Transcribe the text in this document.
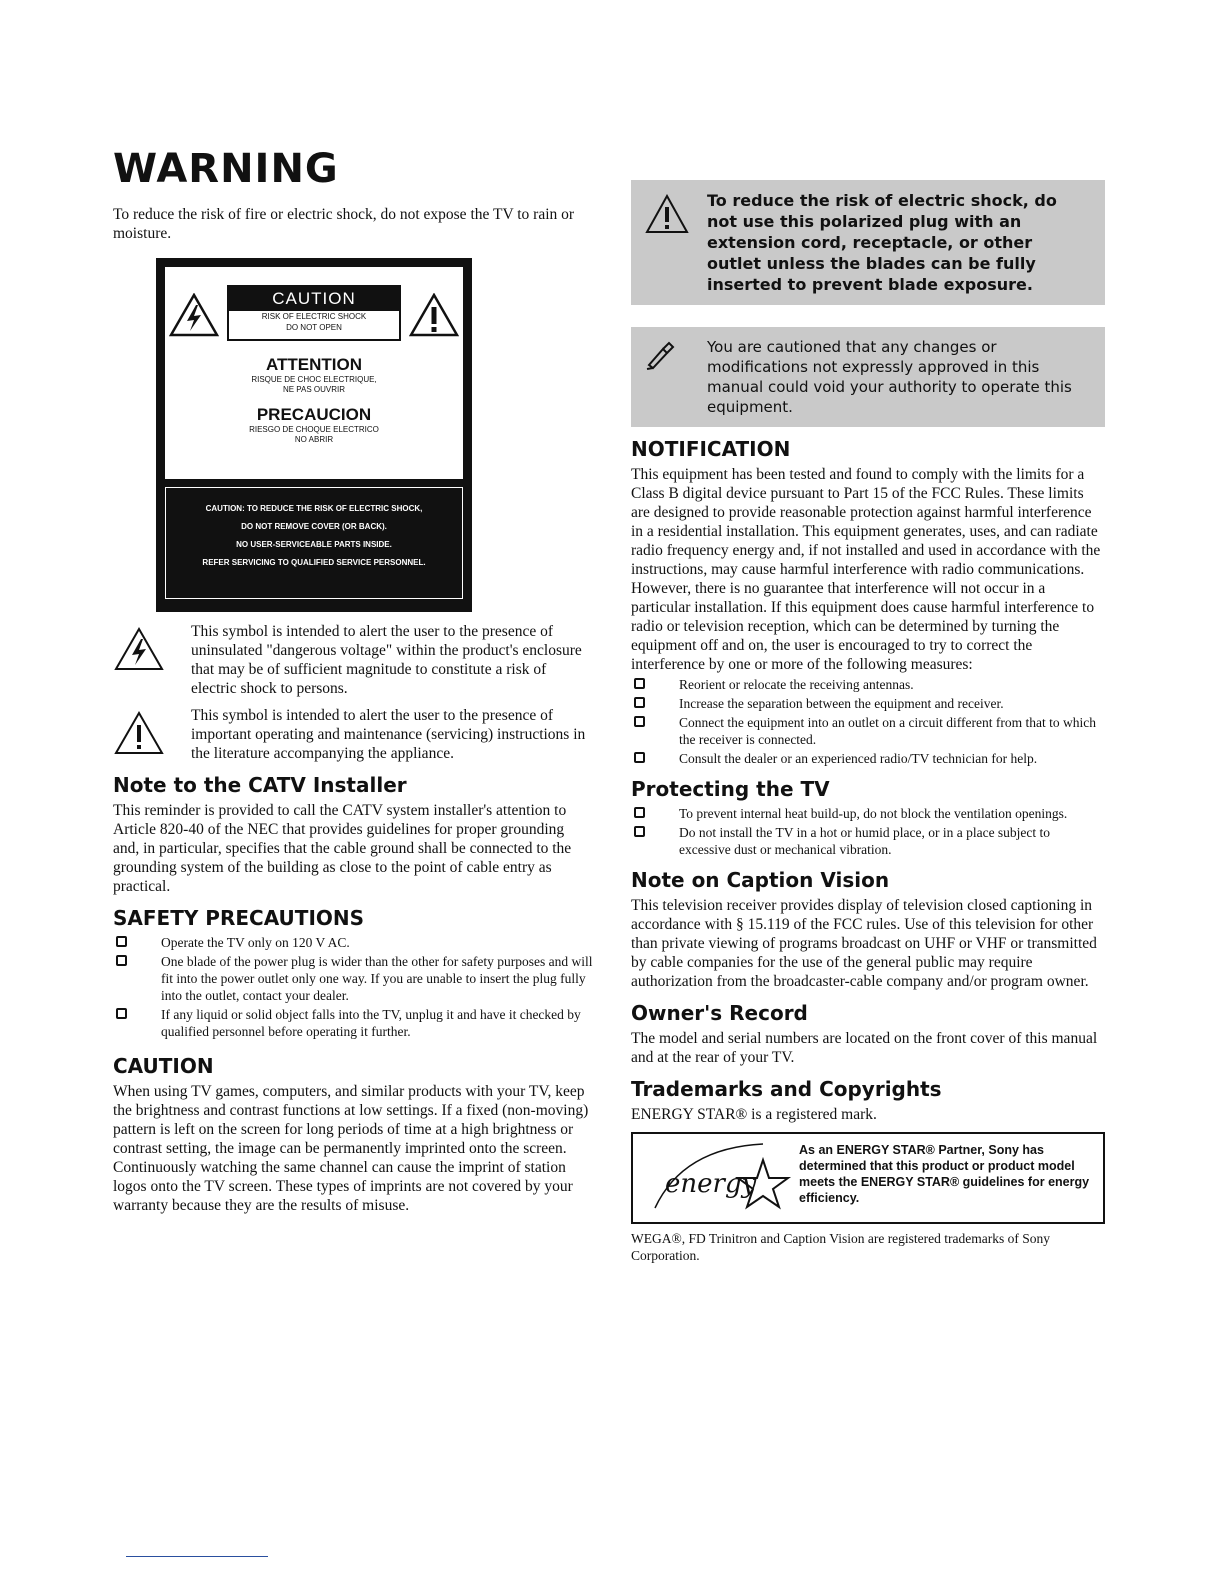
WARNING

To reduce the risk of fire or electric shock, do not expose the TV to rain or moisture.

CAUTION
RISK OF ELECTRIC SHOCK
DO NOT OPEN
ATTENTION
RISQUE DE CHOC ELECTRIQUE,
NE PAS OUVRIR
PRECAUCION
RIESGO DE CHOQUE ELECTRICO
NO ABRIR
CAUTION: TO REDUCE THE RISK OF ELECTRIC SHOCK,
DO NOT REMOVE COVER (OR BACK).
NO USER-SERVICEABLE PARTS INSIDE.
REFER SERVICING TO QUALIFIED SERVICE PERSONNEL.

This symbol is intended to alert the user to the presence of uninsulated "dangerous voltage" within the product's enclosure that may be of sufficient magnitude to constitute a risk of electric shock to persons.

This symbol is intended to alert the user to the presence of important operating and maintenance (servicing) instructions in the literature accompanying the appliance.

Note to the CATV Installer

This reminder is provided to call the CATV system installer's attention to Article 820-40 of the NEC that provides guidelines for proper grounding and, in particular, specifies that the cable ground shall be connected to the grounding system of the building as close to the point of cable entry as practical.

SAFETY PRECAUTIONS
Operate the TV only on 120 V AC.
One blade of the power plug is wider than the other for safety purposes and will fit into the power outlet only one way. If you are unable to insert the plug fully into the outlet, contact your dealer.
If any liquid or solid object falls into the TV, unplug it and have it checked by qualified personnel before operating it further.
CAUTION

When using TV games, computers, and similar products with your TV, keep the brightness and contrast functions at low settings. If a fixed (non-moving) pattern is left on the screen for long periods of time at a high brightness or contrast setting, the image can be permanently imprinted onto the screen. Continuously watching the same channel can cause the imprint of station logos onto the TV screen. These types of imprints are not covered by your warranty because they are the results of misuse.

To reduce the risk of electric shock, do not use this polarized plug with an extension cord, receptacle, or other outlet unless the blades can be fully inserted to prevent blade exposure.
You are cautioned that any changes or modifications not expressly approved in this manual could void your authority to operate this equipment.
NOTIFICATION

This equipment has been tested and found to comply with the limits for a Class B digital device pursuant to Part 15 of the FCC Rules. These limits are designed to provide reasonable protection against harmful interference in a residential installation. This equipment generates, uses, and can radiate radio frequency energy and, if not installed and used in accordance with the instructions, may cause harmful interference with radio communications. However, there is no guarantee that interference will not occur in a particular installation. If this equipment does cause harmful interference to radio or television reception, which can be determined by turning the equipment off and on, the user is encouraged to try to correct the interference by one or more of the following measures:

Reorient or relocate the receiving antennas.
Increase the separation between the equipment and receiver.
Connect the equipment into an outlet on a circuit different from that to which the receiver is connected.
Consult the dealer or an experienced radio/TV technician for help.
Protecting the TV
To prevent internal heat build-up, do not block the ventilation openings.
Do not install the TV in a hot or humid place, or in a place subject to excessive dust or mechanical vibration.
Note on Caption Vision

This television receiver provides display of television closed captioning in accordance with § 15.119 of the FCC rules. Use of this television for other than private viewing of programs broadcast on UHF or VHF or transmitted by cable companies for the use of the general public may require authorization from the broadcaster-cable company and/or program owner.

Owner's Record

The model and serial numbers are located on the front cover of this manual and at the rear of your TV.

Trademarks and Copyrights

ENERGY STAR® is a registered mark.

energy
As an ENERGY STAR® Partner, Sony has determined that this product or product model meets the ENERGY STAR® guidelines for energy efficiency.

WEGA®, FD Trinitron and Caption Vision are registered trademarks of Sony Corporation.
